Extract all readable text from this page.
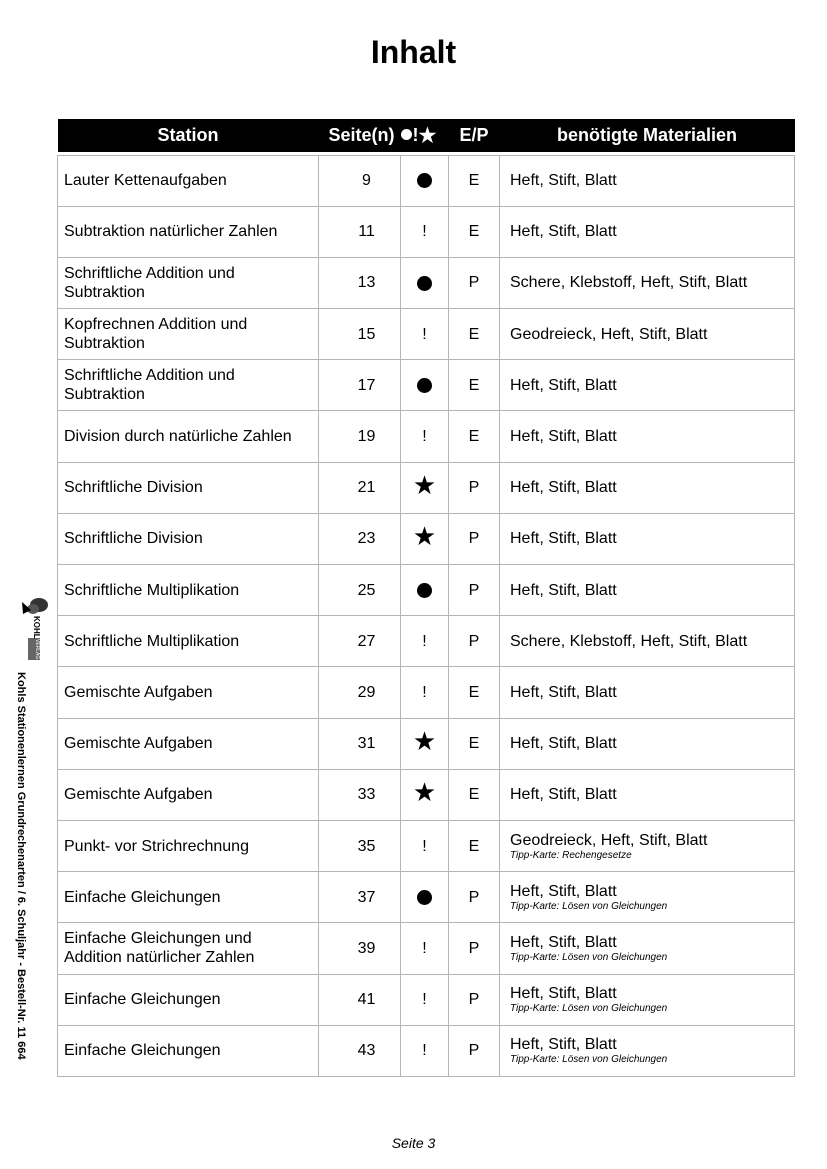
Inhalt
Station	Seite(n)	!★	E/P	benötigte Materialien

Lauter Kettenaufgaben	9		E	Heft, Stift, Blatt
Subtraktion natürlicher Zahlen	11	!	E	Heft, Stift, Blatt
Schriftliche Addition und Subtraktion	13		P	Schere, Klebstoff, Heft, Stift, Blatt
Kopfrechnen Addition und Subtraktion	15	!	E	Geodreieck, Heft, Stift, Blatt
Schriftliche Addition und Subtraktion	17		E	Heft, Stift, Blatt
Division durch natürliche Zahlen	19	!	E	Heft, Stift, Blatt
Schriftliche Division	21	★	P	Heft, Stift, Blatt
Schriftliche Division	23	★	P	Heft, Stift, Blatt
Schriftliche Multiplikation	25		P	Heft, Stift, Blatt
Schriftliche Multiplikation	27	!	P	Schere, Klebstoff, Heft, Stift, Blatt
Gemischte Aufgaben	29	!	E	Heft, Stift, Blatt
Gemischte Aufgaben	31	★	E	Heft, Stift, Blatt
Gemischte Aufgaben	33	★	E	Heft, Stift, Blatt
Punkt- vor Strichrechnung	35	!	E	Geodreieck, Heft, Stift, Blatt
Tipp-Karte: Rechengesetze

Einfache Gleichungen	37		P	Heft, Stift, Blatt
Tipp-Karte: Lösen von Gleichungen

Einfache Gleichungen und Addition natürlicher Zahlen	39	!	P	Heft, Stift, Blatt
Tipp-Karte: Lösen von Gleichungen

Einfache Gleichungen	41	!	P	Heft, Stift, Blatt
Tipp-Karte: Lösen von Gleichungen

Einfache Gleichungen	43	!	P	Heft, Stift, Blatt
Tipp-Karte: Lösen von Gleichungen
KOHL
VERLAG
Kohls Stationenlernen Grundrechenarten / 6. Schuljahr - Bestell-Nr. 11 664
Seite 3
